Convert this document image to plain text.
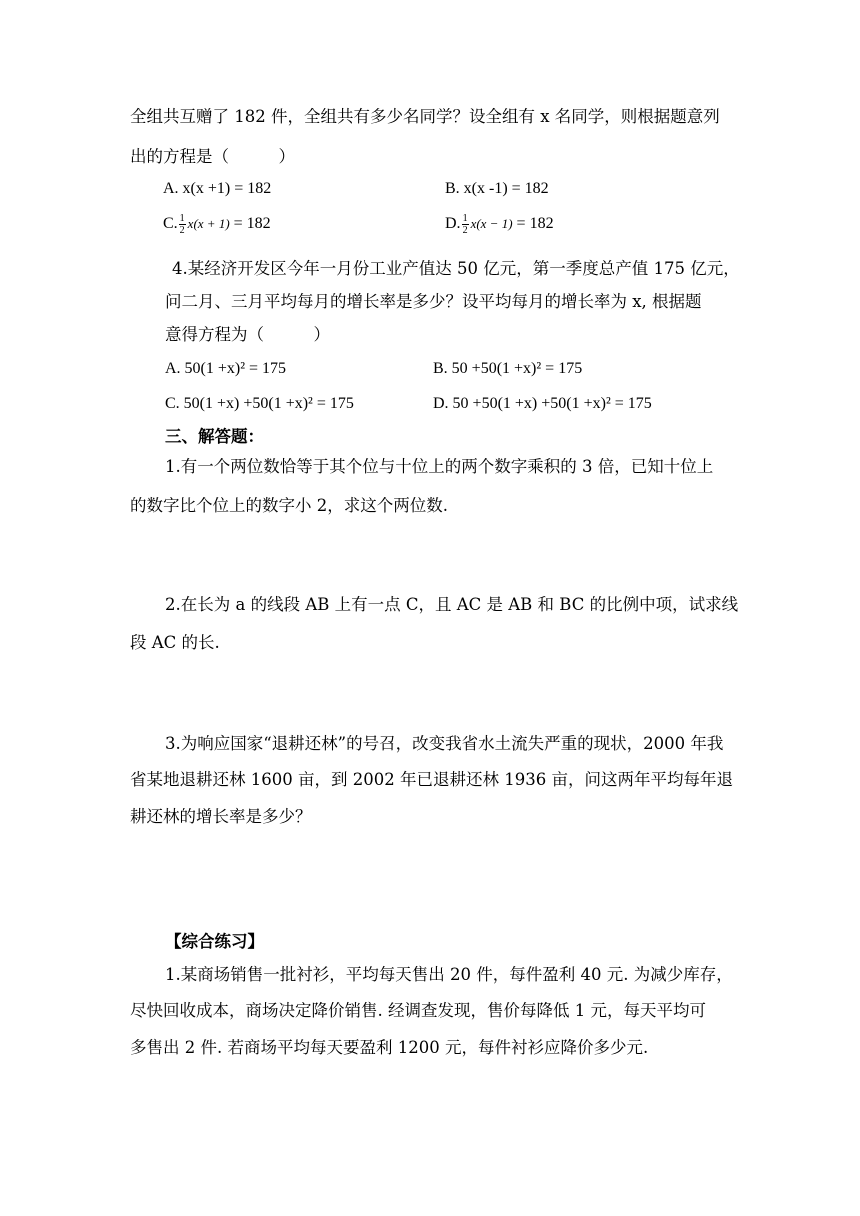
全组共互赠了 182 件，全组共有多少名同学？设全组有 x 名同学，则根据题意列
出的方程是（　　　）
A. x(x +1) = 182	B. x(x -1) = 182
C. $\frac{1}{2} x(x + 1) = 182$	D. $\frac{1}{2} x(x - 1) = 182$
4.某经济开发区今年一月份工业产值达 50 亿元，第一季度总产值 175 亿元，
问二月、三月平均每月的增长率是多少？设平均每月的增长率为 x, 根据题
意得方程为（　　　）
A. 50(1 +x)² = 175	B. 50 +50(1 +x)² = 175
C. 50(1 +x) +50(1 +x)² = 175	D. 50 +50(1 +x) +50(1 +x)² = 175
三、解答题：
1.有一个两位数恰等于其个位与十位上的两个数字乘积的 3 倍，已知十位上
的数字比个位上的数字小 2，求这个两位数.
2.在长为 a 的线段 AB 上有一点 C，且 AC 是 AB 和 BC 的比例中项，试求线
段 AC 的长.
3.为响应国家“退耕还林”的号召，改变我省水土流失严重的现状，2000 年我
省某地退耕还林 1600 亩，到 2002 年已退耕还林 1936 亩，问这两年平均每年退
耕还林的增长率是多少？
【综合练习】
1.某商场销售一批衬衫，平均每天售出 20 件，每件盈利 40 元. 为减少库存，
尽快回收成本，商场决定降价销售. 经调查发现，售价每降低 1 元，每天平均可
多售出 2 件. 若商场平均每天要盈利 1200 元，每件衬衫应降价多少元.
